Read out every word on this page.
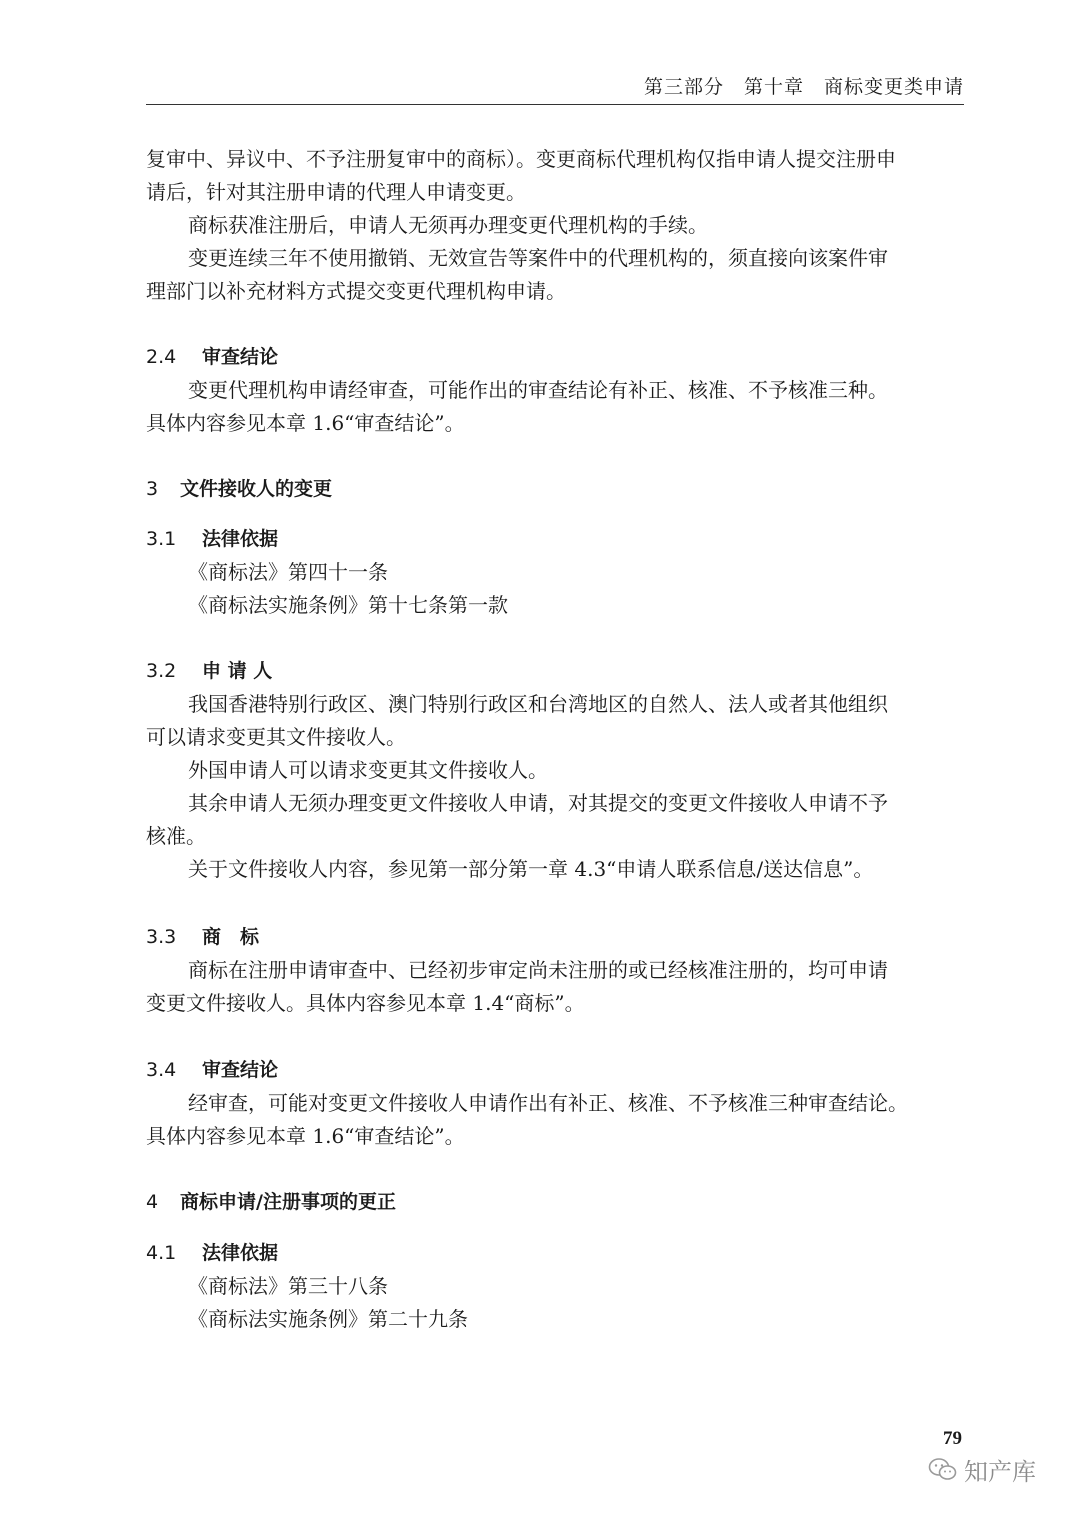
第三部分　第十章　商标变更类申请
复审中、异议中、不予注册复审中的商标）。变更商标代理机构仅指申请人提交注册申
请后，针对其注册申请的代理人申请变更。
商标获准注册后，申请人无须再办理变更代理机构的手续。
变更连续三年不使用撤销、无效宣告等案件中的代理机构的，须直接向该案件审
理部门以补充材料方式提交变更代理机构申请。
2.4 审查结论
变更代理机构申请经审查，可能作出的审查结论有补正、核准、不予核准三种。
具体内容参见本章 1.6“审查结论”。
3 文件接收人的变更
3.1 法律依据
《商标法》第四十一条
《商标法实施条例》第十七条第一款
3.2 申 请 人
我国香港特别行政区、澳门特别行政区和台湾地区的自然人、法人或者其他组织
可以请求变更其文件接收人。
外国申请人可以请求变更其文件接收人。
其余申请人无须办理变更文件接收人申请，对其提交的变更文件接收人申请不予
核准。
关于文件接收人内容，参见第一部分第一章 4.3“申请人联系信息/送达信息”。
3.3 商　标
商标在注册申请审查中、已经初步审定尚未注册的或已经核准注册的，均可申请
变更文件接收人。具体内容参见本章 1.4“商标”。
3.4 审查结论
经审查，可能对变更文件接收人申请作出有补正、核准、不予核准三种审查结论。
具体内容参见本章 1.6“审查结论”。
4 商标申请/注册事项的更正
4.1 法律依据
《商标法》第三十八条
《商标法实施条例》第二十九条
79
知产库
